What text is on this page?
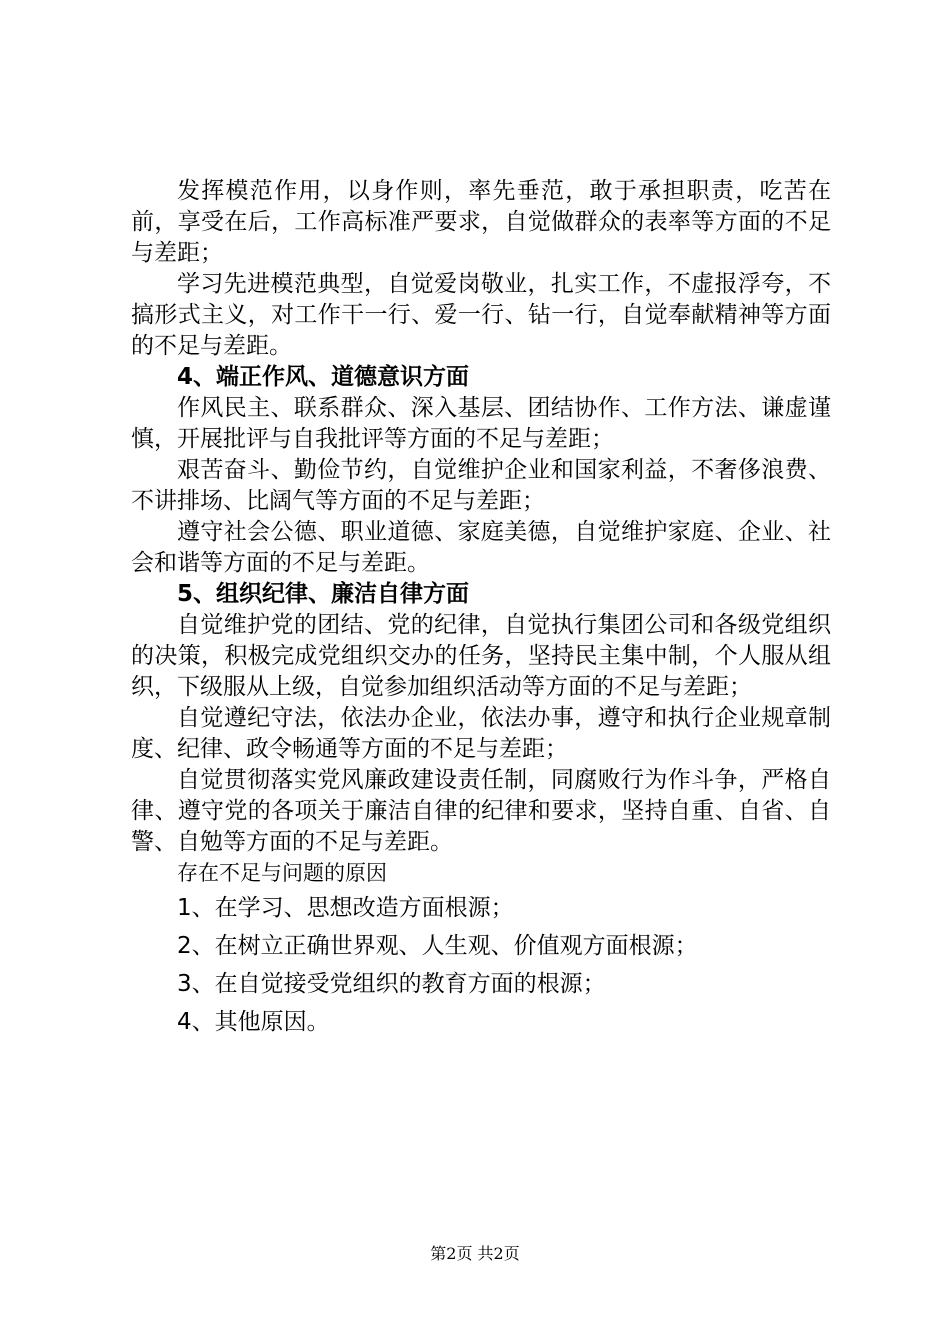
发挥模范作用，以身作则，率先垂范，敢于承担职责，吃苦在前，享受在后，工作高标准严要求，自觉做群众的表率等方面的不足与差距；

学习先进模范典型，自觉爱岗敬业，扎实工作，不虚报浮夸，不搞形式主义，对工作干一行、爱一行、钻一行，自觉奉献精神等方面的不足与差距。

4、端正作风、道德意识方面

作风民主、联系群众、深入基层、团结协作、工作方法、谦虚谨慎，开展批评与自我批评等方面的不足与差距；

艰苦奋斗、勤俭节约，自觉维护企业和国家利益，不奢侈浪费、不讲排场、比阔气等方面的不足与差距；

遵守社会公德、职业道德、家庭美德，自觉维护家庭、企业、社会和谐等方面的不足与差距。

5、组织纪律、廉洁自律方面

自觉维护党的团结、党的纪律，自觉执行集团公司和各级党组织的决策，积极完成党组织交办的任务，坚持民主集中制，个人服从组织，下级服从上级，自觉参加组织活动等方面的不足与差距；

自觉遵纪守法，依法办企业，依法办事，遵守和执行企业规章制度、纪律、政令畅通等方面的不足与差距；

自觉贯彻落实党风廉政建设责任制，同腐败行为作斗争，严格自律、遵守党的各项关于廉洁自律的纪律和要求，坚持自重、自省、自警、自勉等方面的不足与差距。

存在不足与问题的原因

1、在学习、思想改造方面根源；

2、在树立正确世界观、人生观、价值观方面根源；

3、在自觉接受党组织的教育方面的根源；

4、其他原因。

第2页 共2页
